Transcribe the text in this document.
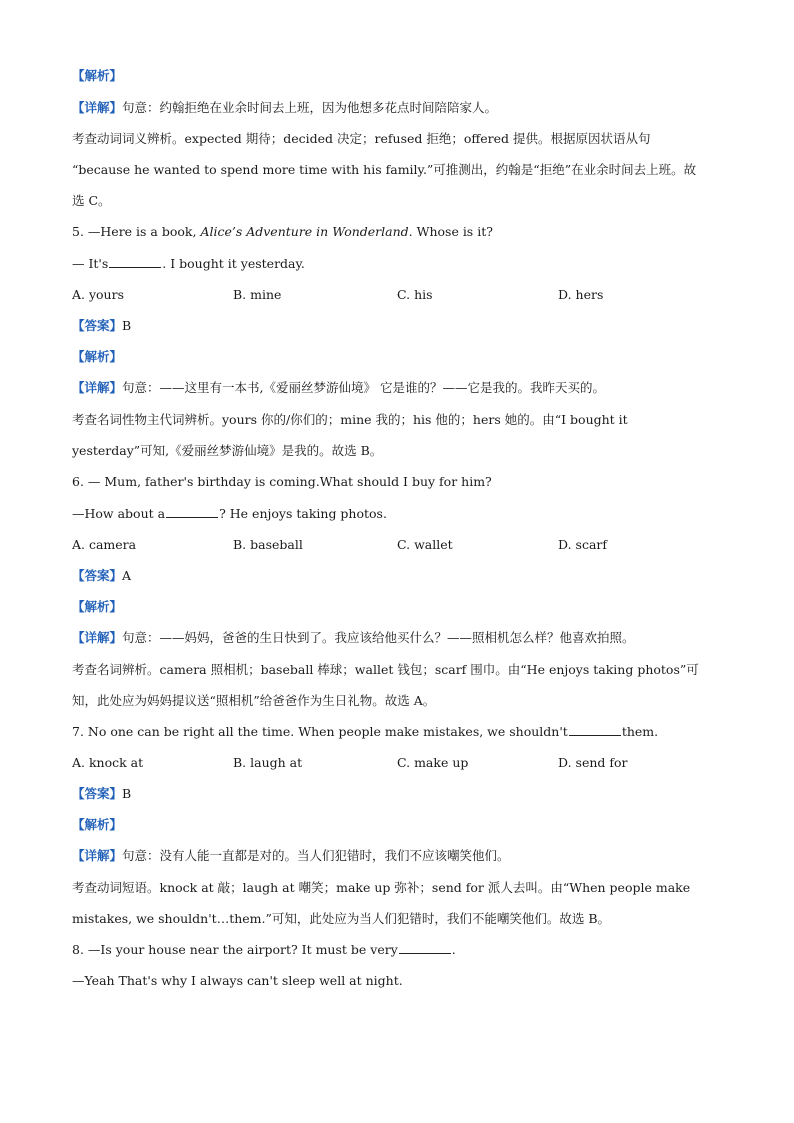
【解析】
【详解】句意：约翰拒绝在业余时间去上班，因为他想多花点时间陪陪家人。
考查动词词义辨析。expected 期待；decided 决定；refused 拒绝；offered 提供。根据原因状语从句
“because he wanted to spend more time with his family.”可推测出，约翰是“拒绝”在业余时间去上班。故
选 C。
5. —Here is a book, Alice’s Adventure in Wonderland. Whose is it?
— It's	. I bought it yesterday.
A. yours	B. mine	C. his	D. hers
【答案】B
【解析】
【详解】句意：——这里有一本书,《爱丽丝梦游仙境》 它是谁的？——它是我的。我昨天买的。
考查名词性物主代词辨析。yours 你的/你们的；mine 我的；his 他的；hers 她的。由“I bought it
yesterday”可知,《爱丽丝梦游仙境》是我的。故选 B。
6. — Mum, father's birthday is coming.What should I buy for him?
—How about a	? He enjoys taking photos.
A. camera	B. baseball	C. wallet	D. scarf
【答案】A
【解析】
【详解】句意：——妈妈，爸爸的生日快到了。我应该给他买什么？——照相机怎么样？他喜欢拍照。
考查名词辨析。camera 照相机；baseball 棒球；wallet 钱包；scarf 围巾。由“He enjoys taking photos”可
知，此处应为妈妈提议送“照相机”给爸爸作为生日礼物。故选 A。
7. No one can be right all the time. When people make mistakes, we shouldn't	them.
A. knock at	B. laugh at	C. make up	D. send for
【答案】B
【解析】
【详解】句意：没有人能一直都是对的。当人们犯错时，我们不应该嘲笑他们。
考查动词短语。knock at 敲；laugh at 嘲笑；make up 弥补；send for 派人去叫。由“When people make
mistakes, we shouldn't…them.”可知，此处应为当人们犯错时，我们不能嘲笑他们。故选 B。
8. —Is your house near the airport? It must be very	.
—Yeah That's why I always can't sleep well at night.
